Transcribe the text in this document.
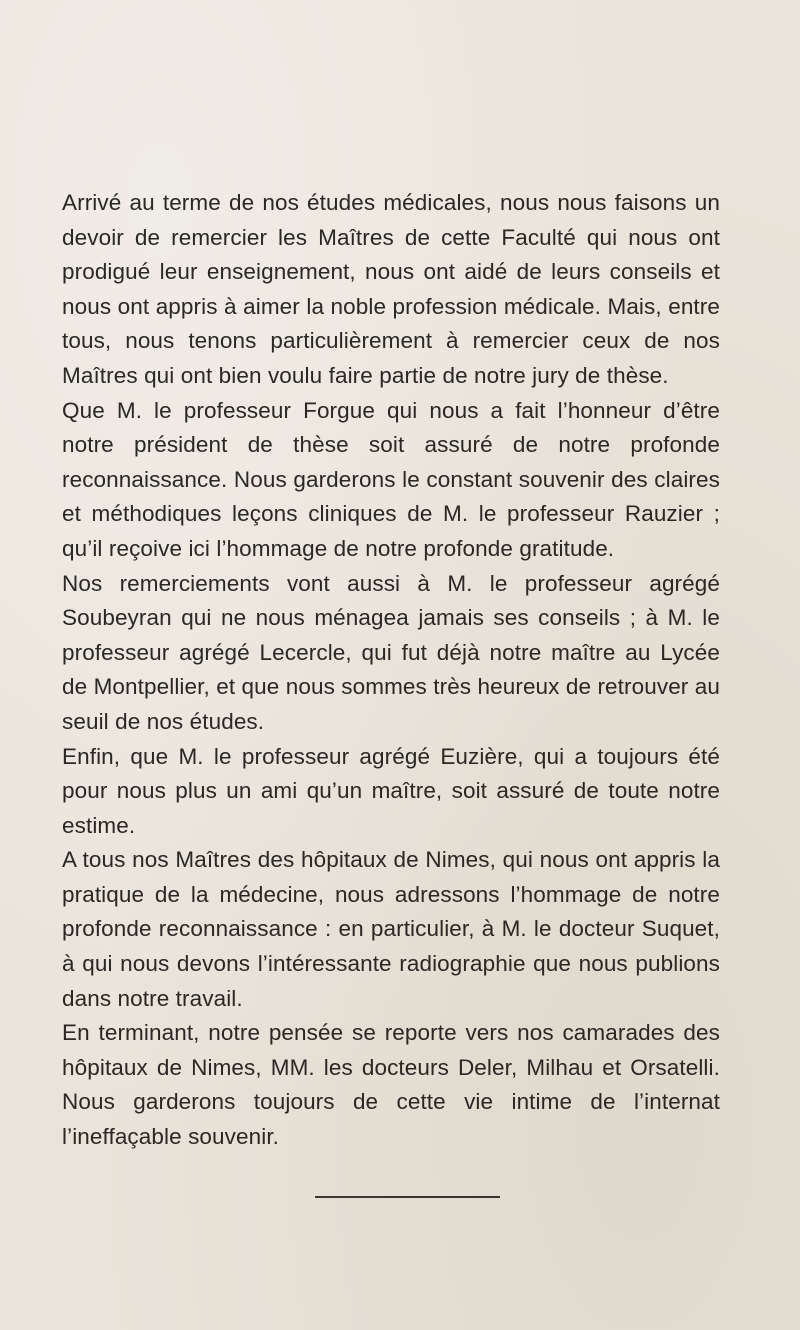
Arrivé au terme de nos études médicales, nous nous faisons un devoir de remercier les Maîtres de cette Faculté qui nous ont prodigué leur enseignement, nous ont aidé de leurs conseils et nous ont appris à aimer la noble profession médicale. Mais, entre tous, nous tenons particulièrement à remercier ceux de nos Maîtres qui ont bien voulu faire partie de notre jury de thèse.

Que M. le professeur Forgue qui nous a fait l’honneur d’être notre président de thèse soit assuré de notre profonde reconnaissance. Nous garderons le constant souvenir des claires et méthodiques leçons cliniques de M. le professeur Rauzier ; qu’il reçoive ici l’hommage de notre profonde gratitude.

Nos remerciements vont aussi à M. le professeur agrégé Soubeyran qui ne nous ménagea jamais ses conseils ; à M. le professeur agrégé Lecercle, qui fut déjà notre maître au Lycée de Montpellier, et que nous sommes très heureux de retrouver au seuil de nos études.

Enfin, que M. le professeur agrégé Euzière, qui a toujours été pour nous plus un ami qu’un maître, soit assuré de toute notre estime.

A tous nos Maîtres des hôpitaux de Nimes, qui nous ont appris la pratique de la médecine, nous adressons l’hommage de notre profonde reconnaissance : en particulier, à M. le docteur Suquet, à qui nous devons l’intéressante radiographie que nous publions dans notre travail.

En terminant, notre pensée se reporte vers nos camarades des hôpitaux de Nimes, MM. les docteurs Deler, Milhau et Orsatelli. Nous garderons toujours de cette vie intime de l’internat l’ineffaçable souvenir.
